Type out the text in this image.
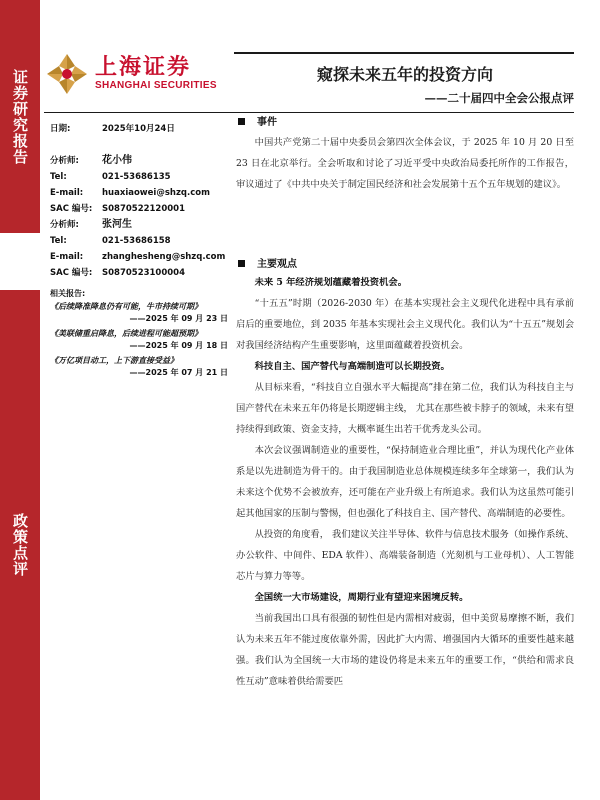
证券研究报告
政策点评
上海证券
SHANGHAI SECURITIES
窥探未来五年的投资方向
——二十届四中全会公报点评
日期:	2025年10月24日
分析师:	花小伟
Tel:	021-53686135
E-mail:	huaxiaowei@shzq.com
SAC 编号:	S0870522120001
分析师:	张河生
Tel:	021-53686158
E-mail:	zhanghesheng@shzq.com
SAC 编号:	S0870523100004
相关报告:
《后续降准降息仍有可能，牛市持续可期》
——2025 年 09 月 23 日
《美联储重启降息，后续进程可能超预期》
——2025 年 09 月 18 日
《万亿项目动工，上下游直接受益》
——2025 年 07 月 21 日
事件

中国共产党第二十届中央委员会第四次全体会议，于 2025 年 10 月 20 日至 23 日在北京举行。全会听取和讨论了习近平受中央政治局委托所作的工作报告，审议通过了《中共中央关于制定国民经济和社会发展第十五个五年规划的建议》。

主要观点

未来 5 年经济规划蕴藏着投资机会。

“十五五”时期（2026-2030 年）在基本实现社会主义现代化进程中具有承前启后的重要地位，到 2035 年基本实现社会主义现代化。我们认为“十五五”规划会对我国经济结构产生重要影响，这里面蕴藏着投资机会。

科技自主、国产替代与高端制造可以长期投资。

从目标来看，“科技自立自强水平大幅提高”排在第二位，我们认为科技自主与国产替代在未来五年仍将是长期逻辑主线， 尤其在那些被卡脖子的领域，未来有望持续得到政策、资金支持，大概率诞生出若干优秀龙头公司。

本次会议强调制造业的重要性，“保持制造业合理比重”，并认为现代化产业体系是以先进制造为骨干的。由于我国制造业总体规模连续多年全球第一，我们认为未来这个优势不会被放弃，还可能在产业升级上有所追求。我们认为这虽然可能引起其他国家的压制与警惕，但也强化了科技自主、国产替代、高端制造的必要性。

从投资的角度看， 我们建议关注半导体、软件与信息技术服务（如操作系统、办公软件、中间件、EDA 软件）、高端装备制造（光刻机与工业母机）、人工智能芯片与算力等等。

全国统一大市场建设，周期行业有望迎来困境反转。

当前我国出口具有很强的韧性但是内需相对疲弱，但中美贸易摩擦不断，我们认为未来五年不能过度依靠外需，因此扩大内需、增强国内大循环的重要性越来越强。我们认为全国统一大市场的建设仍将是未来五年的重要工作，“供给和需求良性互动”意味着供给需要匹
